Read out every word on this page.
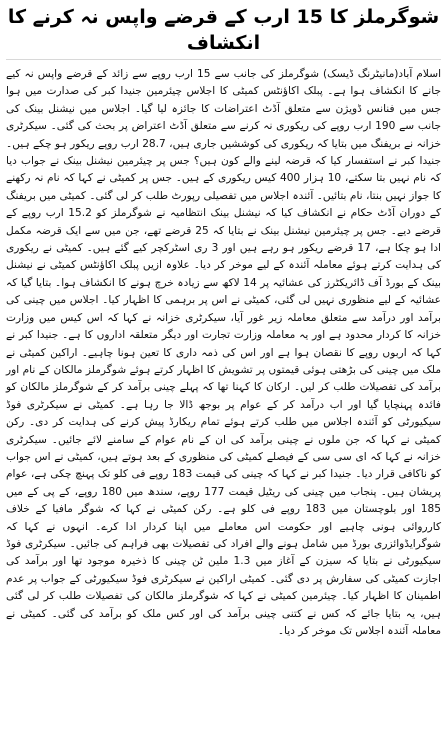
شوگرملز کا 15 ارب کے قرضے واپس نہ کرنے کا انکشاف

اسلام آباد(مانیٹرنگ ڈیسک) شوگرملز کی جانب سے 15 ارب روپے سے زائد کے قرضے واپس نہ کیے جانے کا انکشاف ہوا ہے۔ پبلک اکاؤنٹس کمیٹی کا اجلاس چیئرمین جنیدا کبر کی صدارت میں ہوا جس میں فنانس ڈویژن سے متعلق آڈٹ اعتراضات کا جائزہ لیا گیا۔ اجلاس میں نیشنل بینک کی جانب سے 190 ارب روپے کی ریکوری نہ کرنے سے متعلق آڈٹ اعتراض پر بحث کی گئی۔ سیکرٹری خزانہ نے بریفنگ میں بتایا کہ ریکوری کی کوششیں جاری ہیں، 28.7 ارب روپے ریکور ہو چکے ہیں۔ جنیدا کبر نے استفسار کیا کہ قرضہ لینے والے کون ہیں؟ جس پر چیئرمین نیشنل بینک نے جواب دیا کہ نام نہیں بتا سکتے، 10 ہزار 400 کیس ریکوری کے ہیں۔ جس پر کمیٹی نے کہا کہ نام نہ رکھنے کا جواز نہیں بنتا، نام بتائیں۔ آئندہ اجلاس میں تفصیلی رپورٹ طلب کر لی گئی۔ کمیٹی میں بریفنگ کے دوران آڈٹ حکام نے انکشاف کیا کہ نیشنل بینک انتظامیہ نے شوگرملز کو 15.2 ارب روپے کے قرضے دیے۔ جس پر چیئرمین نیشنل بینک نے بتایا کہ 25 قرضے تھے، جن میں سے ایک قرضہ مکمل ادا ہو چکا ہے، 17 قرضے ریکور ہو رہے ہیں اور 3 ری اسٹرکچر کیے گئے ہیں۔ کمیٹی نے ریکوری کی ہدایت کرتے ہوئے معاملہ آئندہ کے لیے موخر کر دیا۔ علاوہ ازیں پبلک اکاؤنٹس کمیٹی نے نیشنل بینک کے بورڈ آف ڈائریکٹرز کی عشائیہ پر 14 لاکھ سے زیادہ خرچ ہونے کا انکشاف ہوا۔ بتایا گیا کہ عشائیہ کے لیے منظوری نہیں لی گئی، کمیٹی نے اس پر برہمی کا اظہار کیا۔ اجلاس میں چینی کی برآمد اور درآمد سے متعلق معاملہ زیر غور آیا، سیکرٹری خزانہ نے کہا کہ اس کیس میں وزارت خزانہ کا کردار محدود ہے اور یہ معاملہ وزارت تجارت اور دیگر متعلقہ اداروں کا ہے۔ جنیدا کبر نے کہا کہ اربوں روپے کا نقصان ہوا ہے اور اس کی ذمہ داری کا تعین ہونا چاہیے۔ اراکین کمیٹی نے ملک میں چینی کی بڑھتی ہوئی قیمتوں پر تشویش کا اظہار کرتے ہوئے شوگرملز مالکان کے نام اور برآمد کی تفصیلات طلب کر لیں۔ ارکان کا کہنا تھا کہ پہلے چینی برآمد کر کے شوگرملز مالکان کو فائدہ پہنچایا گیا اور اب درآمد کر کے عوام پر بوجھ ڈالا جا رہا ہے۔ کمیٹی نے سیکرٹری فوڈ سیکیورٹی کو آئندہ اجلاس میں طلب کرتے ہوئے تمام ریکارڈ پیش کرنے کی ہدایت کر دی۔ رکن کمیٹی نے کہا کہ جن ملوں نے چینی برآمد کی ان کے نام عوام کے سامنے لائے جائیں۔ سیکرٹری خزانہ نے کہا کہ ای سی سی کے فیصلے کمیٹی کی منظوری کے بعد ہوتے ہیں، کمیٹی نے اس جواب کو ناکافی قرار دیا۔ جنیدا کبر نے کہا کہ چینی کی قیمت 183 روپے فی کلو تک پہنچ چکی ہے، عوام پریشان ہیں۔ پنجاب میں چینی کی ریٹیل قیمت 177 روپے، سندھ میں 180 روپے، کے پی کے میں 185 اور بلوچستان میں 183 روپے فی کلو ہے۔ رکن کمیٹی نے کہا کہ شوگر مافیا کے خلاف کارروائی ہونی چاہیے اور حکومت اس معاملے میں اپنا کردار ادا کرے۔ انہوں نے کہا کہ شوگرایڈوائزری بورڈ میں شامل ہونے والے افراد کی تفصیلات بھی فراہم کی جائیں۔ سیکرٹری فوڈ سیکیورٹی نے بتایا کہ سیزن کے آغاز میں 1.3 ملین ٹن چینی کا ذخیرہ موجود تھا اور برآمد کی اجازت کمیٹی کی سفارش پر دی گئی۔ کمیٹی اراکین نے سیکرٹری فوڈ سیکیورٹی کے جواب پر عدم اطمینان کا اظہار کیا۔ چیئرمین کمیٹی نے کہا کہ شوگرملز مالکان کی تفصیلات طلب کر لی گئی ہیں، یہ بتایا جائے کہ کس نے کتنی چینی برآمد کی اور کس ملک کو برآمد کی گئی۔ کمیٹی نے معاملہ آئندہ اجلاس تک موخر کر دیا۔
